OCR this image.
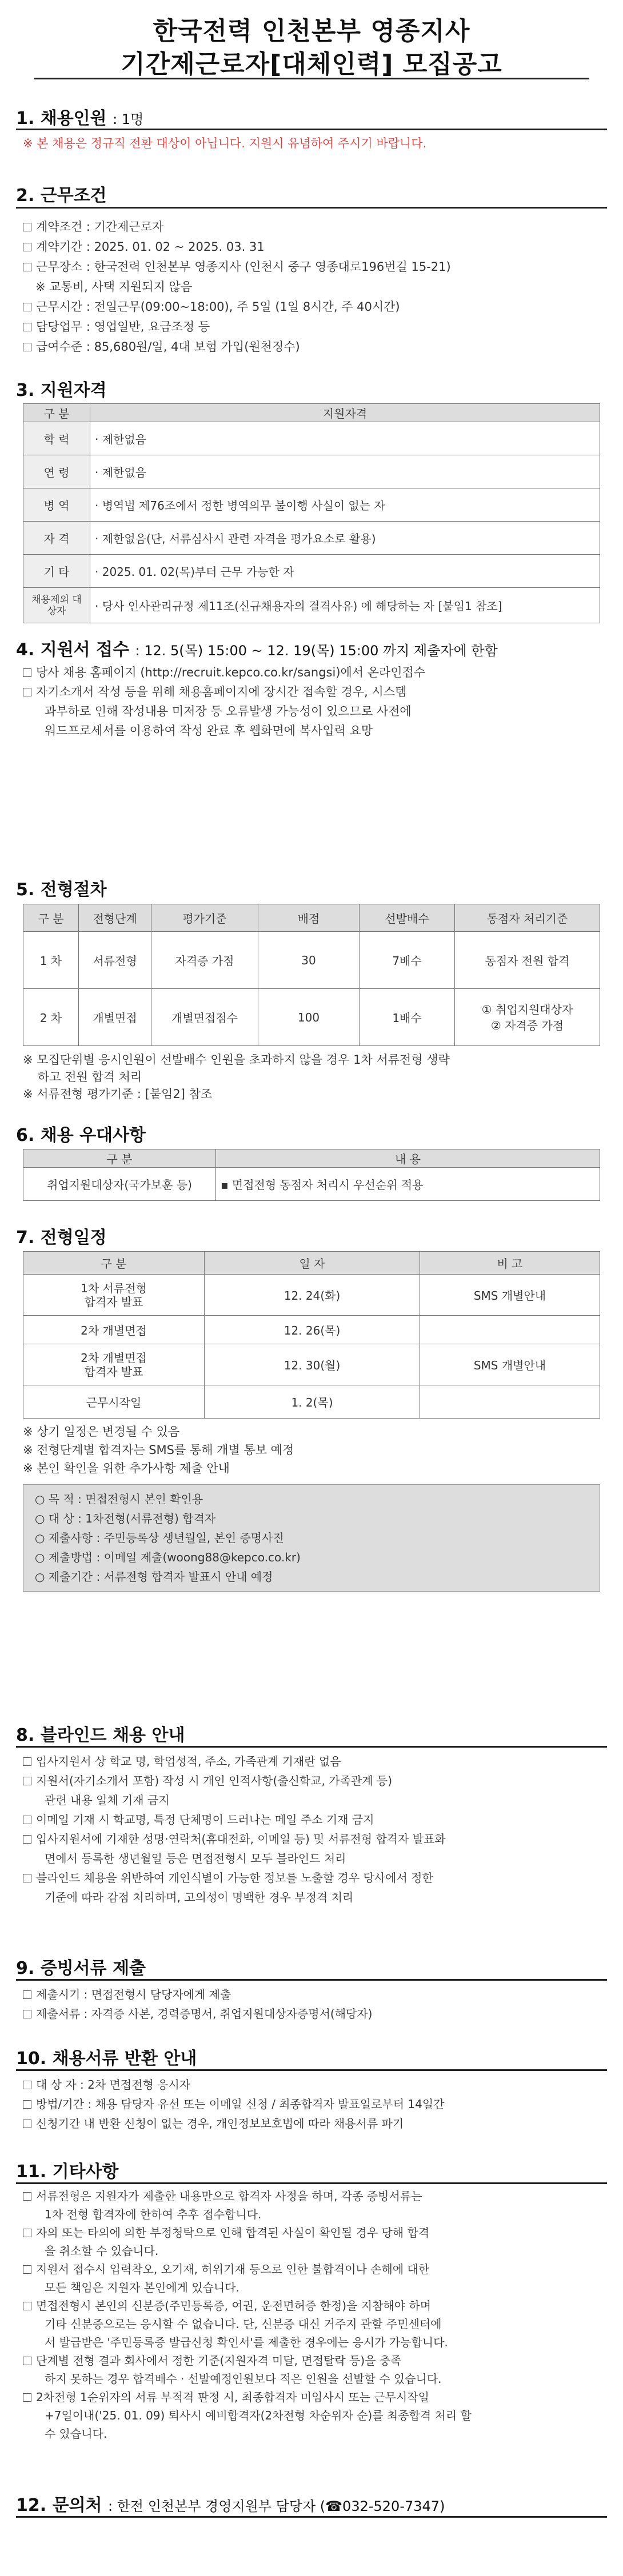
한국전력 인천본부 영종지사
기간제근로자[대체인력] 모집공고
1. 채용인원 : 1명
※ 본 채용은 정규직 전환 대상이 아닙니다. 지원시 유념하여 주시기 바랍니다.
2. 근무조건
계약조건 : 기간제근로자
계약기간 : 2025. 01. 02 ~ 2025. 03. 31
근무장소 : 한국전력 인천본부 영종지사 (인천시 중구 영종대로196번길 15-21)
※ 교통비, 사택 지원되지 않음
근무시간 : 전일근무(09:00~18:00), 주 5일 (1일 8시간, 주 40시간)
담당업무 : 영업일반, 요금조정 등
급여수준 : 85,680원/일, 4대 보험 가입(원천징수)
3. 지원자격
구 분	지원자격
학 력	· 제한없음
연 령	· 제한없음
병 역	· 병역법 제76조에서 정한 병역의무 불이행 사실이 없는 자
자 격	· 제한없음(단, 서류심사시 관련 자격을 평가요소로 활용)
기 타	· 2025. 01. 02(목)부터 근무 가능한 자
채용제외 대상자	· 당사 인사관리규정 제11조(신규채용자의 결격사유) 에 해당하는 자 [붙임1 참조]
4. 지원서 접수 : 12. 5(목) 15:00 ~ 12. 19(목) 15:00 까지 제출자에 한함
당사 채용 홈페이지 (http://recruit.kepco.co.kr/sangsi)에서 온라인접수
자기소개서 작성 등을 위해 채용홈페이지에 장시간 접속할 경우, 시스템
과부하로 인해 작성내용 미저장 등 오류발생 가능성이 있으므로 사전에
워드프로세서를 이용하여 작성 완료 후 웹화면에 복사입력 요망
5. 전형절차
구 분	전형단계	평가기준	배점	선발배수	동점자 처리기준
1 차	서류전형	자격증 가점	30	7배수	동점자 전원 합격
2 차	개별면접	개별면접점수	100	1배수	① 취업지원대상자
② 자격증 가점
※ 모집단위별 응시인원이 선발배수 인원을 초과하지 않을 경우 1차 서류전형 생략
하고 전원 합격 처리
※ 서류전형 평가기준 : [붙임2] 참조
6. 채용 우대사항
구 분	내 용
취업지원대상자(국가보훈 등)	▪ 면접전형 동점자 처리시 우선순위 적용
7. 전형일정
구 분	일 자	비 고
1차 서류전형
합격자 발표	12. 24(화)	SMS 개별안내
2차 개별면접	12. 26(목)	
2차 개별면접
합격자 발표	12. 30(월)	SMS 개별안내
근무시작일	1. 2(목)	
※ 상기 일정은 변경될 수 있음
※ 전형단계별 합격자는 SMS를 통해 개별 통보 예정
※ 본인 확인을 위한 추가사항 제출 안내
○ 목 적 : 면접전형시 본인 확인용
○ 대 상 : 1차전형(서류전형) 합격자
○ 제출사항 : 주민등록상 생년월일, 본인 증명사진
○ 제출방법 : 이메일 제출(woong88@kepco.co.kr)
○ 제출기간 : 서류전형 합격자 발표시 안내 예정
8. 블라인드 채용 안내
입사지원서 상 학교 명, 학업성적, 주소, 가족관계 기재란 없음
지원서(자기소개서 포함) 작성 시 개인 인적사항(출신학교, 가족관계 등)
관련 내용 일체 기재 금지
이메일 기재 시 학교명, 특정 단체명이 드러나는 메일 주소 기재 금지
입사지원서에 기재한 성명·연락처(휴대전화, 이메일 등) 및 서류전형 합격자 발표화
면에서 등록한 생년월일 등은 면접전형시 모두 블라인드 처리
블라인드 채용을 위반하여 개인식별이 가능한 정보를 노출할 경우 당사에서 정한
기준에 따라 감점 처리하며, 고의성이 명백한 경우 부정격 처리
9. 증빙서류 제출
제출시기 : 면접전형시 담당자에게 제출
제출서류 : 자격증 사본, 경력증명서, 취업지원대상자증명서(해당자)
10. 채용서류 반환 안내
대 상 자 : 2차 면접전형 응시자
방법/기간 : 채용 담당자 유선 또는 이메일 신청 / 최종합격자 발표일로부터 14일간
신청기간 내 반환 신청이 없는 경우, 개인정보보호법에 따라 채용서류 파기
11. 기타사항
서류전형은 지원자가 제출한 내용만으로 합격자 사정을 하며, 각종 증빙서류는
1차 전형 합격자에 한하여 추후 접수합니다.
자의 또는 타의에 의한 부정청탁으로 인해 합격된 사실이 확인될 경우 당해 합격
을 취소할 수 있습니다.
지원서 접수시 입력착오, 오기재, 허위기재 등으로 인한 불합격이나 손해에 대한
모든 책임은 지원자 본인에게 있습니다.
면접전형시 본인의 신분증(주민등록증, 여권, 운전면허증 한정)을 지참해야 하며
기타 신분증으로는 응시할 수 없습니다. 단, 신분증 대신 거주지 관할 주민센터에
서 발급받은 '주민등록증 발급신청 확인서'를 제출한 경우에는 응시가 가능합니다.
단계별 전형 결과 회사에서 정한 기준(지원자격 미달, 면접탈락 등)을 충족
하지 못하는 경우 합격배수 · 선발예정인원보다 적은 인원을 선발할 수 있습니다.
2차전형 1순위자의 서류 부적격 판정 시, 최종합격자 미임사시 또는 근무시작일
+7일이내('25. 01. 09) 퇴사시 예비합격자(2차전형 차순위자 순)를 최종합격 처리 할
수 있습니다.
12. 문의처 : 한전 인천본부 경영지원부 담당자 (☎032-520-7347)
